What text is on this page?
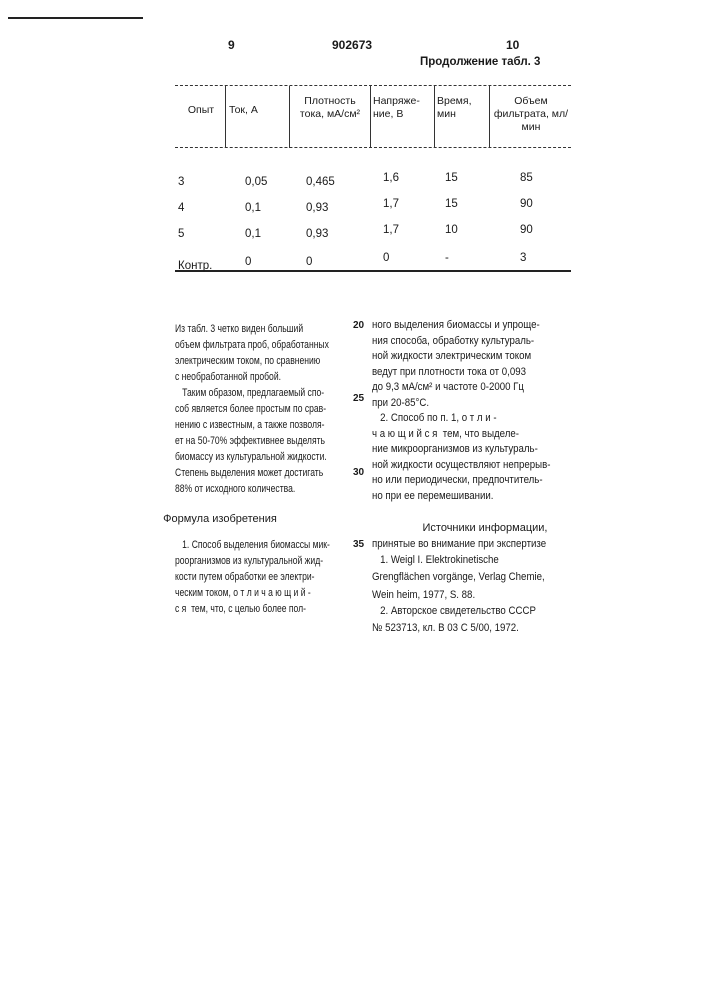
9	902673	10
Продолжение табл. 3
Опыт	Ток, А
Плотность тока, мА/см²
Напряже-ние, В
Время, мин
Объем фильтрата, мл/мин
3	0,05	0,465	1,6	15	85
4	0,1	0,93	1,7	15	90
5	0,1	0,93	1,7	10	90
Контр.	0	0	0	-	3
Из табл. 3 четко виден больший
объем фильтрата проб, обработанных
электрическим током, по сравнению
с необработанной пробой.
Таким образом, предлагаемый спо-
соб является более простым по срав-
нению с известным, а также позволя-
ет на 50-70% эффективнее выделять
биомассу из культуральной жидкости.
Степень выделения может достигать
88% от исходного количества.
Формула изобретения
1. Способ выделения биомассы мик-
роорганизмов из культуральной жид-
кости путем обработки ее электри-
ческим током, о т л и ч а ю щ и й -
с я  тем, что, с целью более пол-
ного выделения биомассы и упроще-
ния способа, обработку культураль-
ной жидкости электрическим током
ведут при плотности тока от 0,093
до 9,3 мА/см² и частоте 0-2000 Гц
при 20-85°С.
2. Способ по п. 1, о т л и -
ч а ю щ и й с я  тем, что выделе-
ние микроорганизмов из культураль-
ной жидкости осуществляют непрерыв-
но или периодически, предпочтитель-
но при ее перемешивании.
Источники информации,
принятые во внимание при экспертизе
1. Weigl I. Elektrokinetische
Grengflächen vorgänge, Verlag Chemie,
Wein heim, 1977, S. 88.
2. Авторское свидетельство СССР
№ 523713, кл. B 03 C 5/00, 1972.
20
25
30
35
